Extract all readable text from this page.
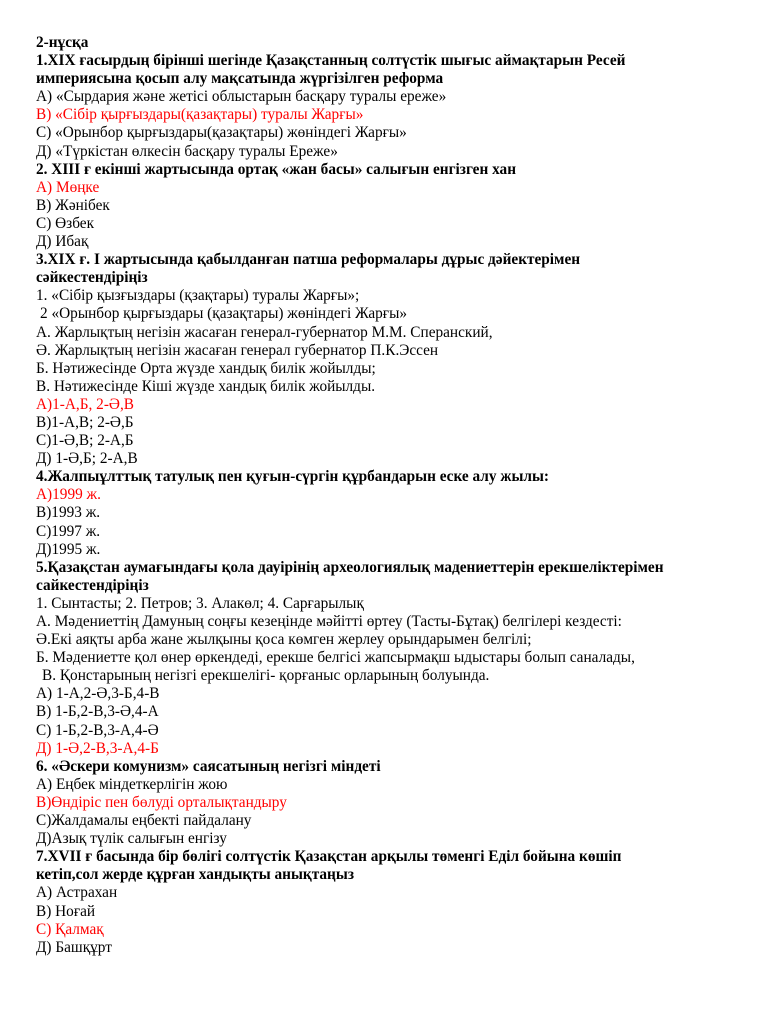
2-нұсқа
1.XIX ғасырдың бірінші шегінде Қазақстанның солтүстік шығыс аймақтарын Ресей
империясына қосып алу мақсатында жүргізілген реформа
А) «Сырдария және жетісі облыстарын басқару туралы ереже»
В) «Сібір қырғыздары(қазақтары) туралы Жарғы»
С) «Орынбор қырғыздары(қазақтары) жөніндегі Жарғы»
Д) «Түркістан өлкесін басқару туралы Ереже»
2. XIII ғ екінші жартысында ортақ «жан басы» салығын енгізген хан
А) Мөңке
В) Жәнібек
С) Өзбек
Д) Ибақ
3.XIX ғ. I жартысында қабылданған патша реформалары дұрыс дәйектерімен
сәйкестендіріңіз
1. «Сібір қызғыздары (қзақтары) туралы Жарғы»;
2 «Орынбор қырғыздары (қазақтары) жөніндегі Жарғы»
А. Жарлықтың негізін жасаған генерал-губернатор М.М. Сперанский,
Ә. Жарлықтың негізін жасаған генерал губернатор П.К.Эссен
Б. Нәтижесінде Орта жүзде хандық билік жойылды;
В. Нәтижесінде Кіші жүзде хандық билік жойылды.
А)1-А,Б, 2-Ә,В
В)1-А,В; 2-Ә,Б
С)1-Ә,В; 2-А,Б
Д) 1-Ә,Б; 2-А,В
4.Жалпыұлттық татулық пен қуғын-сүргін құрбандарын еске алу жылы:
А)1999 ж.
В)1993 ж.
С)1997 ж.
Д)1995 ж.
5.Қазақстан аумағындағы қола дауірінің археологиялық мадениеттерін ерекшеліктерімен
сайкестендіріңіз
1. Сынтасты; 2. Петров; 3. Алакөл; 4. Сарғарылық
А. Мәдениеттің Дамуның соңғы кезеңінде мәйітті өртеу (Тасты-Бұтақ) белгілері кездесті:
Ә.Екі аяқты арба жане жылқыны қоса көмген жерлеу орындарымен белгілі;
Б. Мәдениетте қол өнер өркендеді, ерекше белгісі жапсырмақш ыдыстары болып саналады,
В. Қонстарының негізгі ерекшелігі- қорғаныс орларының болуында.
А) 1-А,2-Ә,3-Б,4-В
В) 1-Б,2-В,3-Ә,4-А
С) 1-Б,2-В,3-А,4-Ә
Д) 1-Ә,2-В,3-А,4-Б
6. «Әскери комунизм» саясатының негізгі міндеті
А) Еңбек міндеткерлігін жою
В)Өндіріс пен бөлуді орталықтандыру
С)Жалдамалы еңбекті пайдалану
Д)Азық түлік салығын енгізу
7.XVII ғ басында бір бөлігі солтүстік Қазақстан арқылы төменгі Еділ бойына көшіп
кетіп,сол жерде құрған хандықты анықтаңыз
А) Астрахан
В) Ноғай
С) Қалмақ
Д) Башқұрт
